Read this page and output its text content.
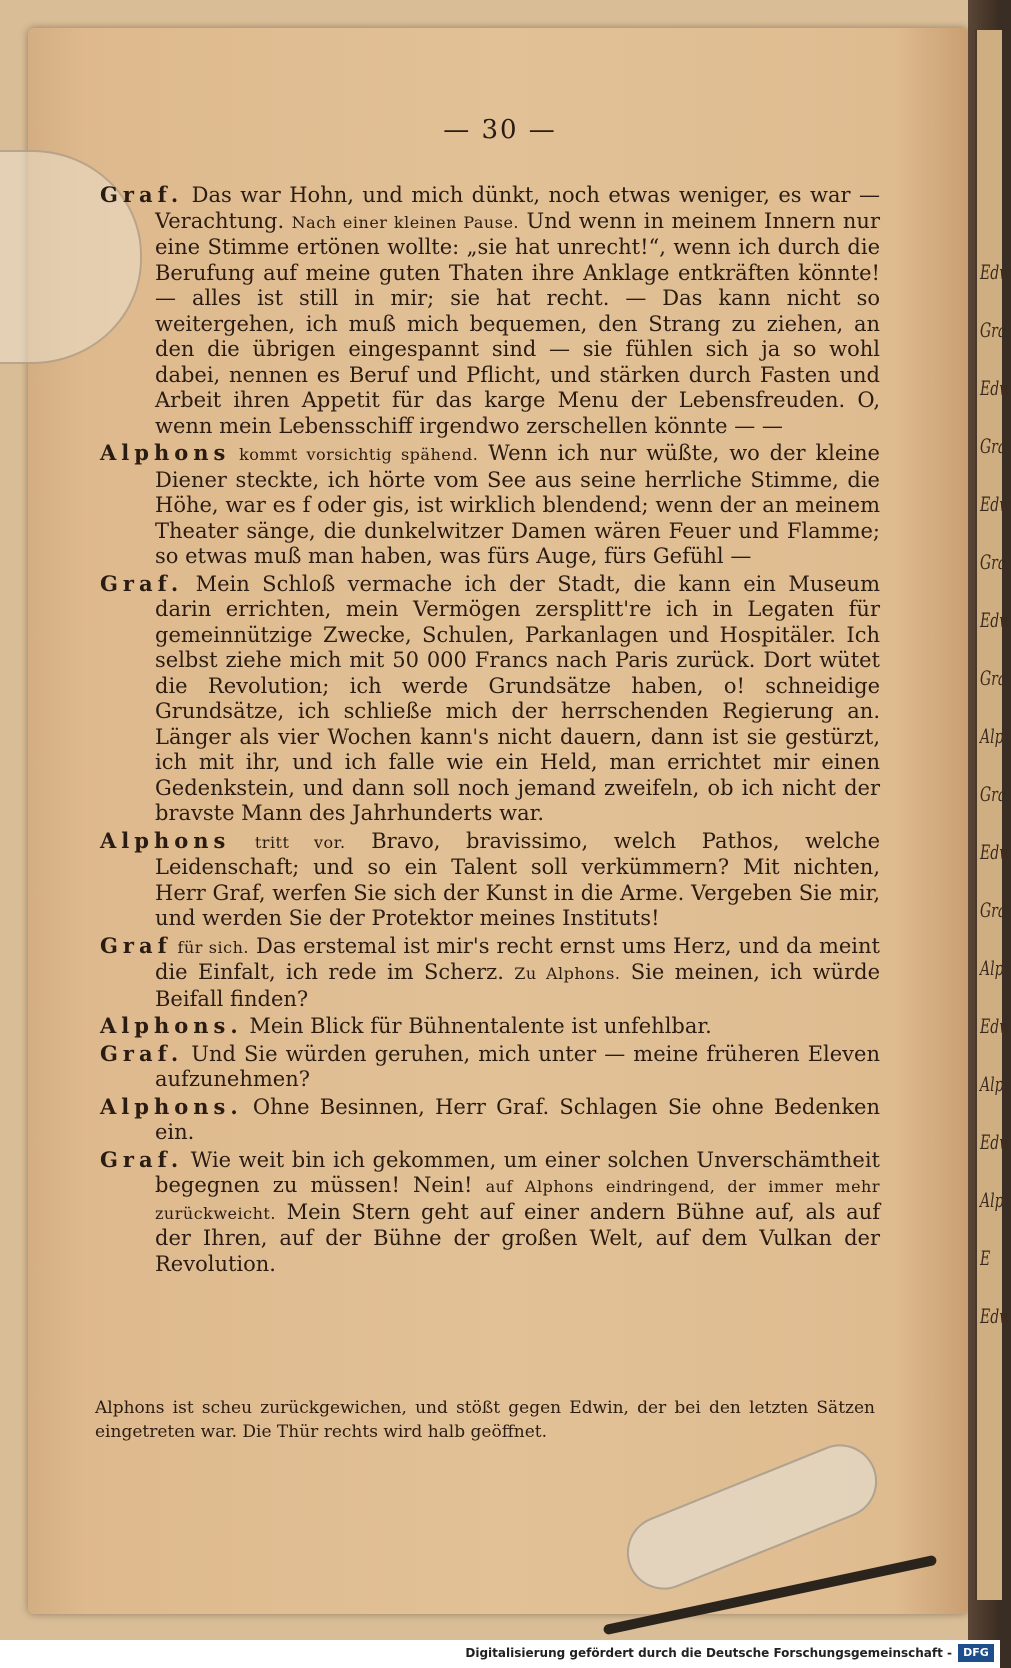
Edw
Gra
Edw
Gra
Edw
Gra
Edw
Gra
Alp
Gra
Edw
Gra
Alp
Edw
Alp
Edw
Alp
E
Edw
— 30 —

Graf. Das war Hohn, und mich dünkt, noch etwas weniger, es war — Verachtung. Nach einer kleinen Pause. Und wenn in meinem Innern nur eine Stimme ertönen wollte: „sie hat unrecht!“, wenn ich durch die Berufung auf meine guten Thaten ihre Anklage entkräften könnte! — alles ist still in mir; sie hat recht. — Das kann nicht so weitergehen, ich muß mich bequemen, den Strang zu ziehen, an den die übrigen eingespannt sind — sie fühlen sich ja so wohl dabei, nennen es Beruf und Pflicht, und stärken durch Fasten und Arbeit ihren Appetit für das karge Menu der Lebensfreuden. O, wenn mein Lebensschiff irgendwo zerschellen könnte — —

Alphons kommt vorsichtig spähend. Wenn ich nur wüßte, wo der kleine Diener steckte, ich hörte vom See aus seine herrliche Stimme, die Höhe, war es f oder gis, ist wirklich blendend; wenn der an meinem Theater sänge, die dunkelwitzer Damen wären Feuer und Flamme; so etwas muß man haben, was fürs Auge, fürs Gefühl —

Graf. Mein Schloß vermache ich der Stadt, die kann ein Museum darin errichten, mein Vermögen zersplitt're ich in Legaten für gemeinnützige Zwecke, Schulen, Parkanlagen und Hospitäler. Ich selbst ziehe mich mit 50 000 Francs nach Paris zurück. Dort wütet die Revolution; ich werde Grundsätze haben, o! schneidige Grundsätze, ich schließe mich der herrschenden Regierung an. Länger als vier Wochen kann's nicht dauern, dann ist sie gestürzt, ich mit ihr, und ich falle wie ein Held, man errichtet mir einen Gedenkstein, und dann soll noch jemand zweifeln, ob ich nicht der bravste Mann des Jahrhunderts war.

Alphons tritt vor. Bravo, bravissimo, welch Pathos, welche Leidenschaft; und so ein Talent soll verkümmern? Mit nichten, Herr Graf, werfen Sie sich der Kunst in die Arme. Vergeben Sie mir, und werden Sie der Protektor meines Instituts!

Graf für sich. Das erstemal ist mir's recht ernst ums Herz, und da meint die Einfalt, ich rede im Scherz. Zu Alphons. Sie meinen, ich würde Beifall finden?

Alphons. Mein Blick für Bühnentalente ist unfehlbar.

Graf. Und Sie würden geruhen, mich unter — meine früheren Eleven aufzunehmen?

Alphons. Ohne Besinnen, Herr Graf. Schlagen Sie ohne Bedenken ein.

Graf. Wie weit bin ich gekommen, um einer solchen Unverschämtheit begegnen zu müssen! Nein! auf Alphons eindringend, der immer mehr zurückweicht. Mein Stern geht auf einer andern Bühne auf, als auf der Ihren, auf der Bühne der großen Welt, auf dem Vulkan der Revolution.

Alphons ist scheu zurückgewichen, und stößt gegen Edwin, der bei den letzten Sätzen eingetreten war. Die Thür rechts wird halb geöffnet.
Digitalisierung gefördert durch die Deutsche Forschungsgemeinschaft -	DFG
